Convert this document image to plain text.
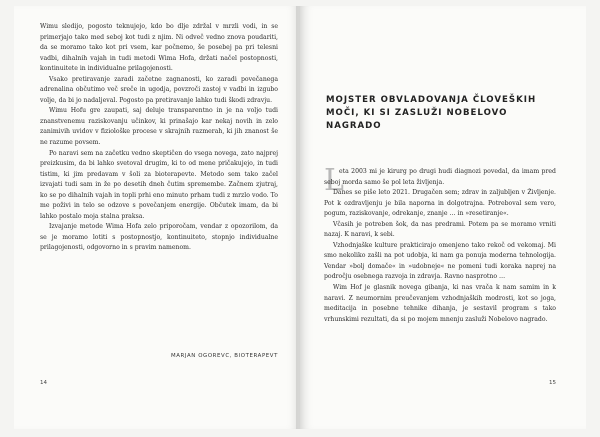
Wimu sledijo, pogosto teknujejo, kdo bo dlje zdržal v mrzli vodi, in se primerjajo tako med seboj kot tudi z njim. Ni odveč vedno znova poudariti, da se moramo tako kot pri vsem, kar počnemo, še posebej pa pri telesni vadbi, dihalnih vajah in tudi metodi Wima Hofa, držati načel postopnosti, kontinuitete in individualne prilagojenosti.

Vsako pretiravanje zaradi začetne zagnanosti, ko zaradi povečanega adrenalina občutimo več sreče in ugodja, povzroči zastoj v vadbi in izgubo volje, da bi jo nadaljeval. Pogosto pa pretiravanje lahko tudi škodi zdravju.

Wimu Hofu gre zaupati, saj deluje transparentno in je na voljo tudi znanstvenemu raziskovanju učinkov, ki prinašajo kar nekaj novih in zelo zanimivih uvidov v fiziološke procese v skrajnih razmerah, ki jih znanost še ne razume povsem.

Po naravi sem na začetku vedno skeptičen do vsega novega, zato najprej preizkusim, da bi lahko svetoval drugim, ki to od mene pričakujejo, in tudi tistim, ki jim predavam v šoli za bioterapevte. Metodo sem tako začel izvajati tudi sam in že po desetih dneh čutim spremembe. Začnem zjutraj, ko se po dihalnih vajah in topli prhi eno minuto prham tudi z mrzlo vodo. To me poživi in telo se odzove s povečanjem energije. Občutek imam, da bi lahko postalo moja stalna praksa.

Izvajanje metode Wima Hofa zelo priporočam, vendar z opozorilom, da se je moramo lotiti s postopnostjo, kontinuiteto, stopnjo individualne prilagojenosti, odgovorno in s pravim namenom.

MARJAN OGOREVC, BIOTERAPEVT
14
MOJSTER OBVLADOVANJA ČLOVEŠKIH MOČI, KI SI ZASLUŽI NOBELOVO NAGRADO
L

eta 2003 mi je kirurg po drugi hudi diagnozi povedal, da imam pred seboj morda samo še pol leta življenja.

Danes se piše leto 2021. Drugačen sem; zdrav in zaljubljen v Življenje. Pot k ozdravljenju je bila naporna in dolgotrajna. Potreboval sem vero, pogum, raziskovanje, odrekanje, znanje … in »resetiranje«.

Včasih je potreben šok, da nas predrami. Potem pa se moramo vrniti nazaj. K naravi, k sebi.

Vzhodnjaške kulture prakticirajo omenjeno tako rekoč od vekomaj. Mi smo nekoliko zašli na pot udobja, ki nam ga ponuja moderna tehnologija. Vendar »bolj domače« in »udobneje« ne pomeni tudi koraka naprej na področju osebnega razvoja in zdravja. Ravno nasprotno …

Wim Hof je glasnik novega gibanja, ki nas vrača k nam samim in k naravi. Z neumornim preučevanjem vzhodnjaških modrosti, kot so joga, meditacija in posebne tehnike dihanja, je sestavil program s tako vrhunskimi rezultati, da si po mojem mnenju zasluži Nobelovo nagrado.

15
